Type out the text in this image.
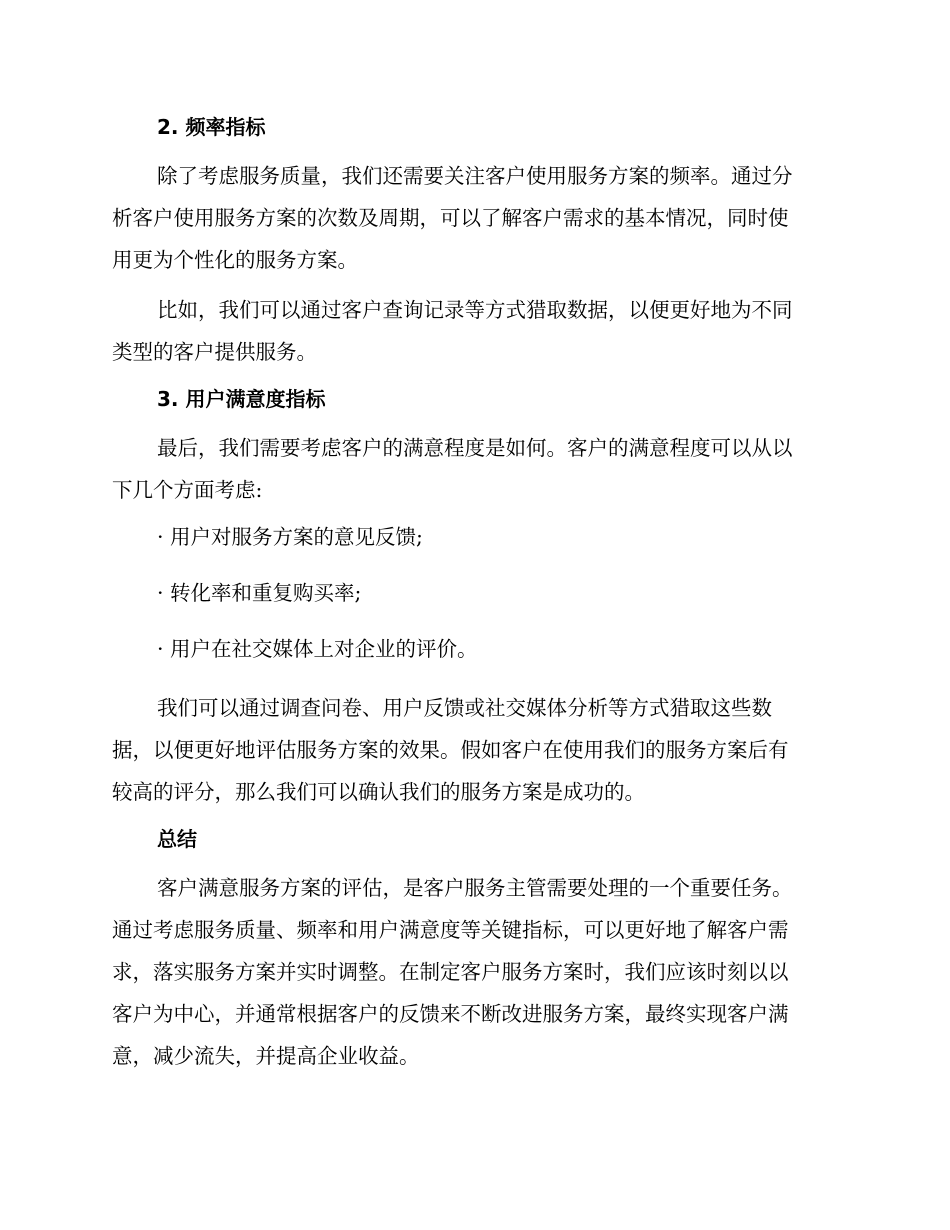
2. 频率指标
除了考虑服务质量，我们还需要关注客户使用服务方案的频率。通过分
析客户使用服务方案的次数及周期，可以了解客户需求的基本情况，同时使
用更为个性化的服务方案。
比如，我们可以通过客户查询记录等方式猎取数据，以便更好地为不同
类型的客户提供服务。
3. 用户满意度指标
最后，我们需要考虑客户的满意程度是如何。客户的满意程度可以从以
下几个方面考虑:
· 用户对服务方案的意见反馈;
· 转化率和重复购买率;
· 用户在社交媒体上对企业的评价。
我们可以通过调查问卷、用户反馈或社交媒体分析等方式猎取这些数
据，以便更好地评估服务方案的效果。假如客户在使用我们的服务方案后有
较高的评分，那么我们可以确认我们的服务方案是成功的。
总结
客户满意服务方案的评估，是客户服务主管需要处理的一个重要任务。
通过考虑服务质量、频率和用户满意度等关键指标，可以更好地了解客户需
求，落实服务方案并实时调整。在制定客户服务方案时，我们应该时刻以以
客户为中心，并通常根据客户的反馈来不断改进服务方案，最终实现客户满
意，减少流失，并提高企业收益。
